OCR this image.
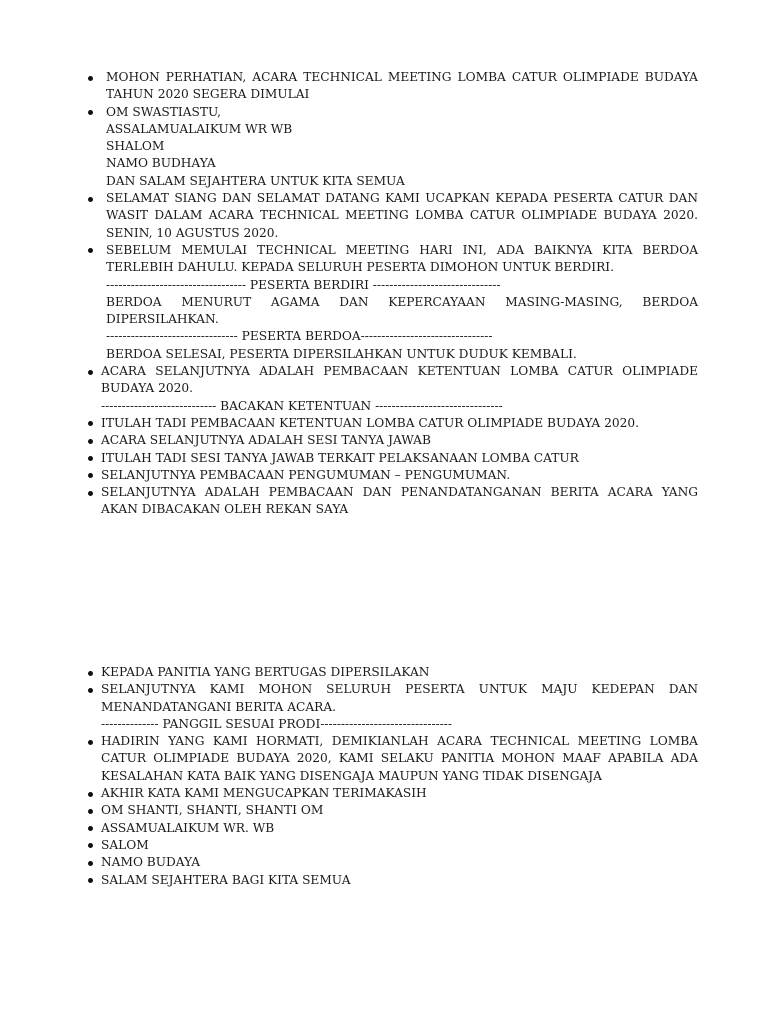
MOHON PERHATIAN, ACARA TECHNICAL MEETING LOMBA CATUR OLIMPIADE BUDAYA
TAHUN 2020 SEGERA DIMULAI
OM SWASTIASTU,
ASSALAMUALAIKUM WR WB
SHALOM
NAMO BUDHAYA
DAN SALAM SEJAHTERA UNTUK KITA SEMUA
SELAMAT SIANG DAN SELAMAT DATANG KAMI UCAPKAN KEPADA PESERTA CATUR DAN
WASIT DALAM ACARA TECHNICAL MEETING LOMBA CATUR OLIMPIADE BUDAYA 2020.
SENIN, 10 AGUSTUS 2020.
SEBELUM MEMULAI TECHNICAL MEETING HARI INI, ADA BAIKNYA KITA BERDOA
TERLEBIH DAHULU. KEPADA SELURUH PESERTA DIMOHON UNTUK BERDIRI.
---------------------------------- PESERTA BERDIRI -------------------------------
BERDOA MENURUT AGAMA DAN KEPERCAYAAN MASING-MASING, BERDOA
DIPERSILAHKAN.
-------------------------------- PESERTA BERDOA--------------------------------
BERDOA SELESAI, PESERTA DIPERSILAHKAN UNTUK DUDUK KEMBALI.
ACARA SELANJUTNYA ADALAH PEMBACAAN KETENTUAN LOMBA CATUR OLIMPIADE
BUDAYA 2020.
---------------------------- BACAKAN KETENTUAN -------------------------------
ITULAH TADI PEMBACAAN KETENTUAN LOMBA CATUR OLIMPIADE BUDAYA 2020.
ACARA SELANJUTNYA ADALAH SESI TANYA JAWAB
ITULAH TADI SESI TANYA JAWAB TERKAIT PELAKSANAAN LOMBA CATUR
SELANJUTNYA PEMBACAAN PENGUMUMAN – PENGUMUMAN.
SELANJUTNYA ADALAH PEMBACAAN DAN PENANDATANGANAN BERITA ACARA YANG
AKAN DIBACAKAN OLEH REKAN SAYA
KEPADA PANITIA YANG BERTUGAS DIPERSILAKAN
SELANJUTNYA KAMI MOHON SELURUH PESERTA UNTUK MAJU KEDEPAN DAN
MENANDATANGANI BERITA ACARA.
-------------- PANGGIL SESUAI PRODI--------------------------------
HADIRIN YANG KAMI HORMATI, DEMIKIANLAH ACARA TECHNICAL MEETING LOMBA
CATUR OLIMPIADE BUDAYA 2020, KAMI SELAKU PANITIA MOHON MAAF APABILA ADA
KESALAHAN KATA BAIK YANG DISENGAJA MAUPUN YANG TIDAK DISENGAJA
AKHIR KATA KAMI MENGUCAPKAN TERIMAKASIH
OM SHANTI, SHANTI, SHANTI OM
ASSAMUALAIKUM WR. WB
SALOM
NAMO BUDAYA
SALAM SEJAHTERA BAGI KITA SEMUA
